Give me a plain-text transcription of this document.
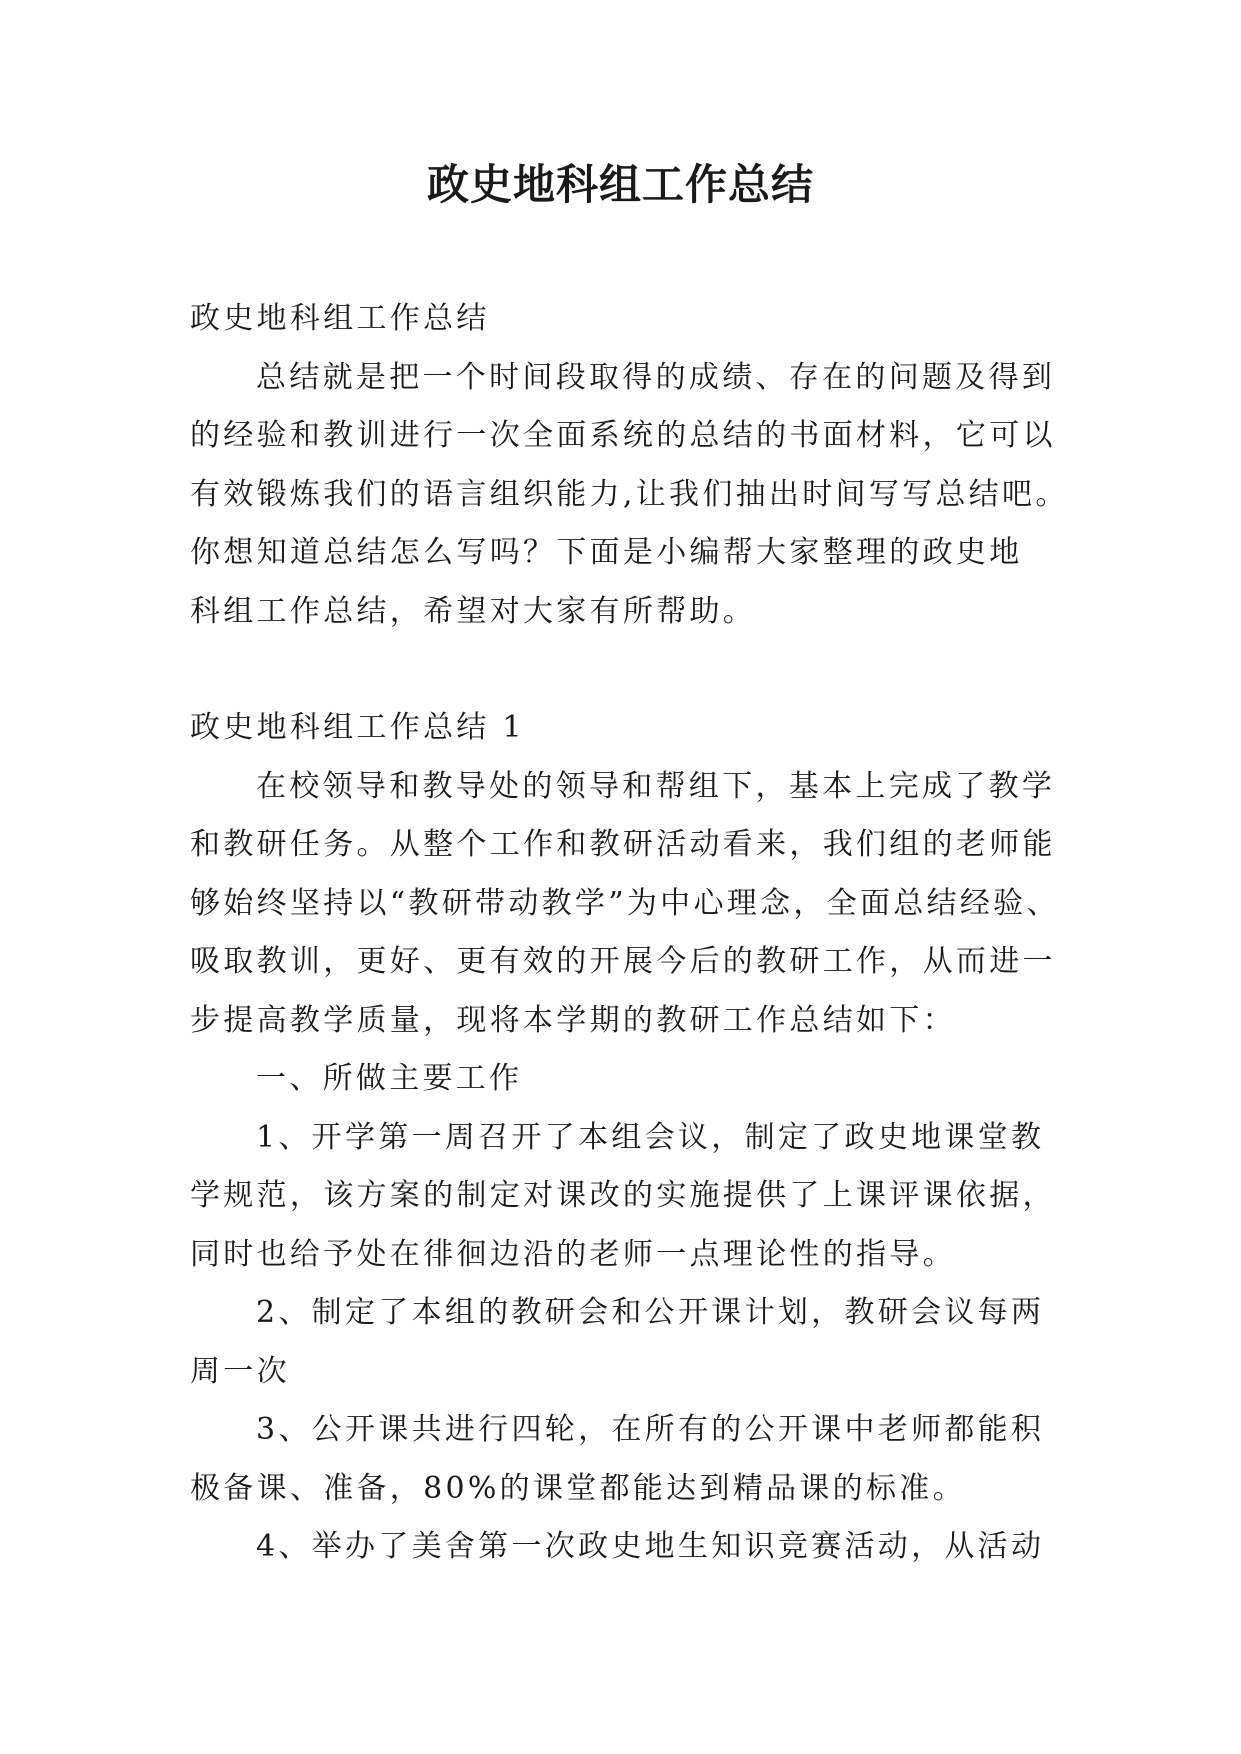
政史地科组工作总结
政史地科组工作总结
总结就是把一个时间段取得的成绩、存在的问题及得到
的经验和教训进行一次全面系统的总结的书面材料，它可以
有效锻炼我们的语言组织能力,让我们抽出时间写写总结吧。
你想知道总结怎么写吗？下面是小编帮大家整理的政史地
科组工作总结，希望对大家有所帮助。
政史地科组工作总结 1
在校领导和教导处的领导和帮组下，基本上完成了教学
和教研任务。从整个工作和教研活动看来，我们组的老师能
够始终坚持以“教研带动教学”为中心理念，全面总结经验、
吸取教训，更好、更有效的开展今后的教研工作，从而进一
步提高教学质量，现将本学期的教研工作总结如下：
一、所做主要工作
1、开学第一周召开了本组会议，制定了政史地课堂教
学规范，该方案的制定对课改的实施提供了上课评课依据，
同时也给予处在徘徊边沿的老师一点理论性的指导。
2、制定了本组的教研会和公开课计划，教研会议每两
周一次
3、公开课共进行四轮，在所有的公开课中老师都能积
极备课、准备，80%的课堂都能达到精品课的标准。
4、举办了美舍第一次政史地生知识竞赛活动，从活动
